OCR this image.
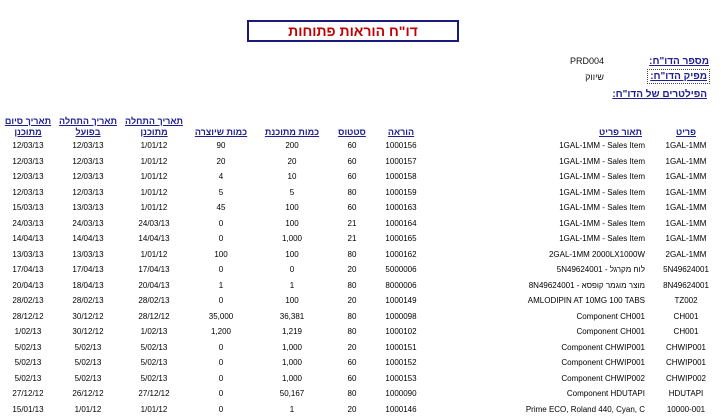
דו"ח הוראות פתוחות
מספר הדו"ח:
PRD004
מפיק הדו"ח:
שיווק
הפילטרים של הדו"ח:
תאריך סיום מתוכנן	תאריך התחלה בפועל	תאריך התחלה מתוכנן	כמות שיוצרה	כמות מתוכנת	סטטוס	הוראה	תאור פריט	פריט
12/03/13	12/03/13	1/01/12	90	200	60	1000156	1GAL-1MM - Sales Item	1GAL-1MM
12/03/13	12/03/13	1/01/12	20	20	60	1000157	1GAL-1MM - Sales Item	1GAL-1MM
12/03/13	12/03/13	1/01/12	4	10	60	1000158	1GAL-1MM - Sales Item	1GAL-1MM
12/03/13	12/03/13	1/01/12	5	5	80	1000159	1GAL-1MM - Sales Item	1GAL-1MM
15/03/13	13/03/13	1/01/12	45	100	60	1000163	1GAL-1MM - Sales Item	1GAL-1MM
24/03/13	24/03/13	24/03/13	0	100	21	1000164	1GAL-1MM - Sales Item	1GAL-1MM
14/04/13	14/04/13	14/04/13	0	1,000	21	1000165	1GAL-1MM - Sales Item	1GAL-1MM
13/03/13	13/03/13	1/01/12	100	100	80	1000162	2GAL-1MM 2000LX1000W	2GAL-1MM
17/04/13	17/04/13	17/04/13	0	0	20	5000006	5N49624001 - לוח מקרגל	5N49624001
20/04/13	18/04/13	20/04/13	1	1	80	8000006	8N49624001 - מוצר מוגמר קופסא	8N49624001
28/02/13	28/02/13	28/02/13	0	100	20	1000149	AMLODIPIN AT 10MG 100 TABS	TZ002
28/12/12	30/12/12	28/12/12	35,000	36,381	80	1000098	Component CH001	CH001
1/02/13	30/12/12	1/02/13	1,200	1,219	80	1000102	Component CH001	CH001
5/02/13	5/02/13	5/02/13	0	1,000	20	1000151	Component CHWIP001	CHWIP001
5/02/13	5/02/13	5/02/13	0	1,000	60	1000152	Component CHWIP001	CHWIP001
5/02/13	5/02/13	5/02/13	0	1,000	60	1000153	Component CHWIP002	CHWIP002
27/12/12	26/12/12	27/12/12	0	50,167	80	1000090	Component HDUTAPI	HDUTAPI
15/01/13	1/01/12	1/01/12	0	1	20	1000146	Prime ECO, Roland 440, Cyan, C	10000-001
